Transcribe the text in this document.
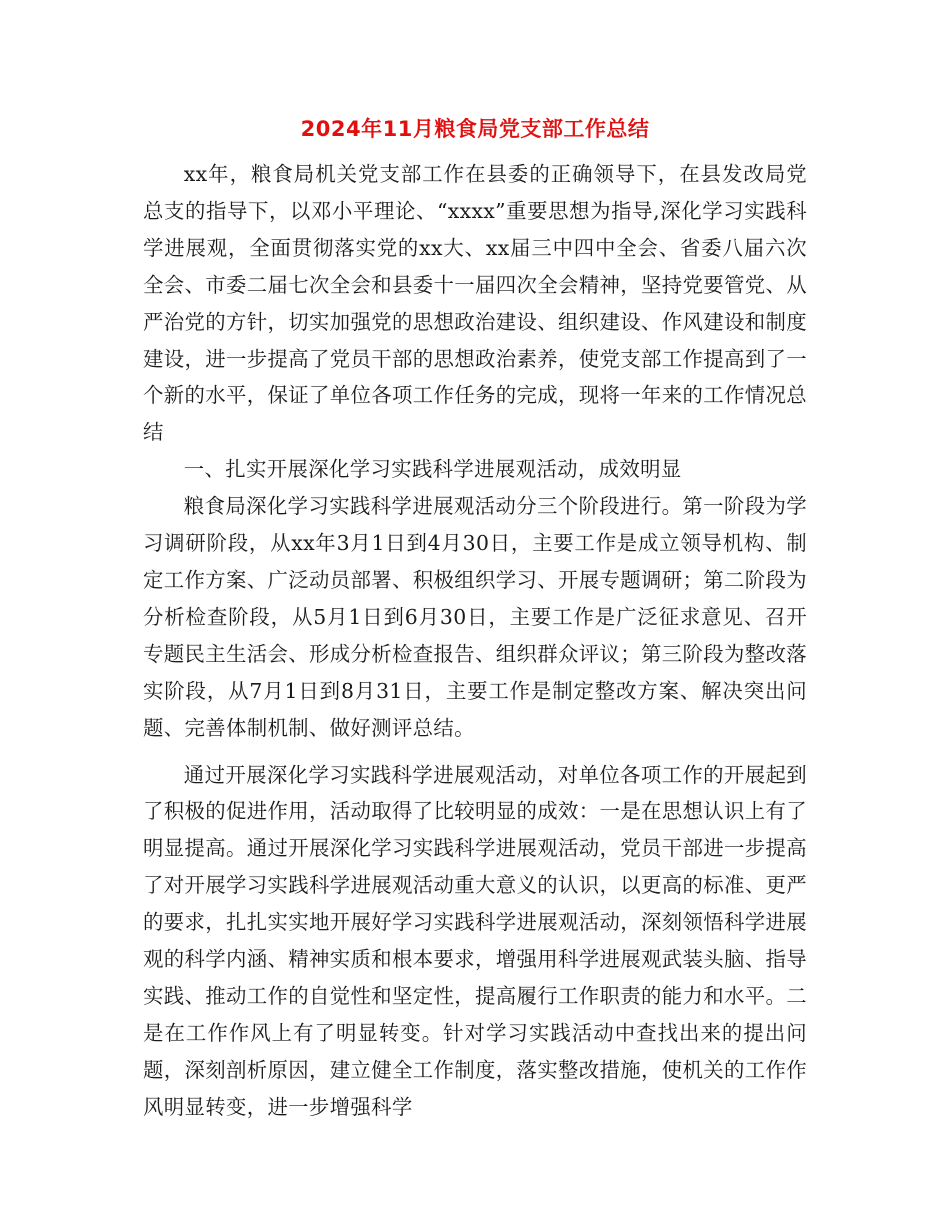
2024年11月粮食局党支部工作总结

xx年，粮食局机关党支部工作在县委的正确领导下，在县发改局党总支的指导下，以邓小平理论、“xxxx”重要思想为指导,深化学习实践科学进展观，全面贯彻落实党的xx大、xx届三中四中全会、省委八届六次全会、市委二届七次全会和县委十一届四次全会精神，坚持党要管党、从严治党的方针，切实加强党的思想政治建设、组织建设、作风建设和制度建设，进一步提高了党员干部的思想政治素养，使党支部工作提高到了一个新的水平，保证了单位各项工作任务的完成，现将一年来的工作情况总结

一、扎实开展深化学习实践科学进展观活动，成效明显

粮食局深化学习实践科学进展观活动分三个阶段进行。第一阶段为学习调研阶段，从xx年3月1日到4月30日，主要工作是成立领导机构、制定工作方案、广泛动员部署、积极组织学习、开展专题调研；第二阶段为分析检查阶段，从5月1日到6月30日，主要工作是广泛征求意见、召开专题民主生活会、形成分析检查报告、组织群众评议；第三阶段为整改落实阶段，从7月1日到8月31日，主要工作是制定整改方案、解决突出问题、完善体制机制、做好测评总结。

通过开展深化学习实践科学进展观活动，对单位各项工作的开展起到了积极的促进作用，活动取得了比较明显的成效：一是在思想认识上有了明显提高。通过开展深化学习实践科学进展观活动，党员干部进一步提高了对开展学习实践科学进展观活动重大意义的认识，以更高的标准、更严的要求，扎扎实实地开展好学习实践科学进展观活动，深刻领悟科学进展观的科学内涵、精神实质和根本要求，增强用科学进展观武装头脑、指导实践、推动工作的自觉性和坚定性，提高履行工作职责的能力和水平。二是在工作作风上有了明显转变。针对学习实践活动中查找出来的提出问题，深刻剖析原因，建立健全工作制度，落实整改措施，使机关的工作作风明显转变，进一步增强科学
